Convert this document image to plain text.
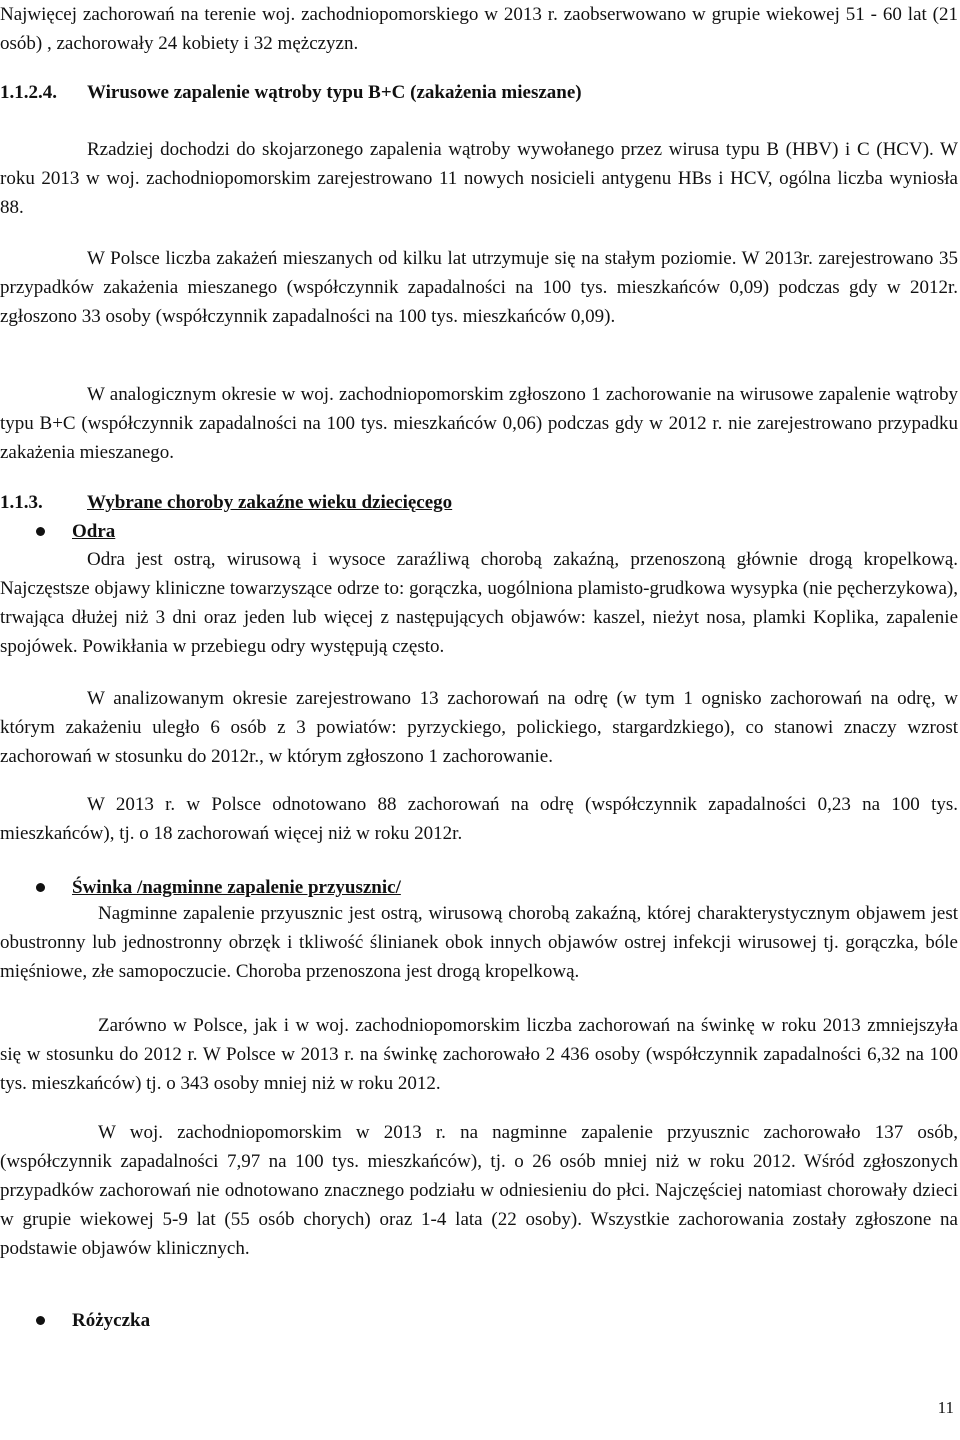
Najwięcej zachorowań na terenie woj. zachodniopomorskiego w 2013 r. zaobserwowano w grupie wiekowej 51 - 60 lat (21 osób) , zachorowały 24 kobiety i 32 mężczyzn.

1.1.2.4. Wirusowe zapalenie wątroby typu B+C (zakażenia mieszane)

Rzadziej dochodzi do skojarzonego zapalenia wątroby wywołanego przez wirusa typu B (HBV) i C (HCV). W roku 2013 w woj. zachodniopomorskim zarejestrowano 11 nowych nosicieli antygenu HBs i HCV, ogólna liczba wyniosła 88.

W Polsce liczba zakażeń mieszanych od kilku lat utrzymuje się na stałym poziomie. W 2013r. zarejestrowano 35 przypadków zakażenia mieszanego (współczynnik zapadalności na 100 tys. mieszkańców 0,09) podczas gdy w 2012r. zgłoszono 33 osoby (współczynnik zapadalności na 100 tys. mieszkańców 0,09).

W analogicznym okresie w woj. zachodniopomorskim zgłoszono 1 zachorowanie na wirusowe zapalenie wątroby typu B+C (współczynnik zapadalności na 100 tys. mieszkańców 0,06) podczas gdy w 2012 r. nie zarejestrowano przypadku zakażenia mieszanego.

1.1.3. Wybrane choroby zakaźne wieku dziecięcego
Odra

Odra jest ostrą, wirusową i wysoce zaraźliwą chorobą zakaźną, przenoszoną głównie drogą kropelkową. Najczęstsze objawy kliniczne towarzyszące odrze to: gorączka, uogólniona plamisto-grudkowa wysypka (nie pęcherzykowa), trwająca dłużej niż 3 dni oraz jeden lub więcej z następujących objawów: kaszel, nieżyt nosa, plamki Koplika, zapalenie spojówek. Powikłania w przebiegu odry występują często.

W analizowanym okresie zarejestrowano 13 zachorowań na odrę (w tym 1 ognisko zachorowań na odrę, w którym zakażeniu uległo 6 osób z 3 powiatów: pyrzyckiego, polickiego, stargardzkiego), co stanowi znaczy wzrost zachorowań w stosunku do 2012r., w którym zgłoszono 1 zachorowanie.

W 2013 r. w Polsce odnotowano 88 zachorowań na odrę (współczynnik zapadalności 0,23 na 100 tys. mieszkańców), tj. o 18 zachorowań więcej niż w roku 2012r.

Świnka /nagminne zapalenie przyusznic/

Nagminne zapalenie przyusznic jest ostrą, wirusową chorobą zakaźną, której charakterystycznym objawem jest obustronny lub jednostronny obrzęk i tkliwość ślinianek obok innych objawów ostrej infekcji wirusowej tj. gorączka, bóle mięśniowe, złe samopoczucie. Choroba przenoszona jest drogą kropelkową.

Zarówno w Polsce, jak i w woj. zachodniopomorskim liczba zachorowań na świnkę w roku 2013 zmniejszyła się w stosunku do 2012 r. W Polsce w 2013 r. na świnkę zachorowało 2 436 osoby (współczynnik zapadalności 6,32 na 100 tys. mieszkańców) tj. o 343 osoby mniej niż w roku 2012.

W woj. zachodniopomorskim w 2013 r. na nagminne zapalenie przyusznic zachorowało 137 osób, (współczynnik zapadalności 7,97 na 100 tys. mieszkańców), tj. o 26 osób mniej niż w roku 2012. Wśród zgłoszonych przypadków zachorowań nie odnotowano znacznego podziału w odniesieniu do płci. Najczęściej natomiast chorowały dzieci w grupie wiekowej 5-9 lat (55 osób chorych) oraz 1-4 lata (22 osoby). Wszystkie zachorowania zostały zgłoszone na podstawie objawów klinicznych.

Różyczka
11
